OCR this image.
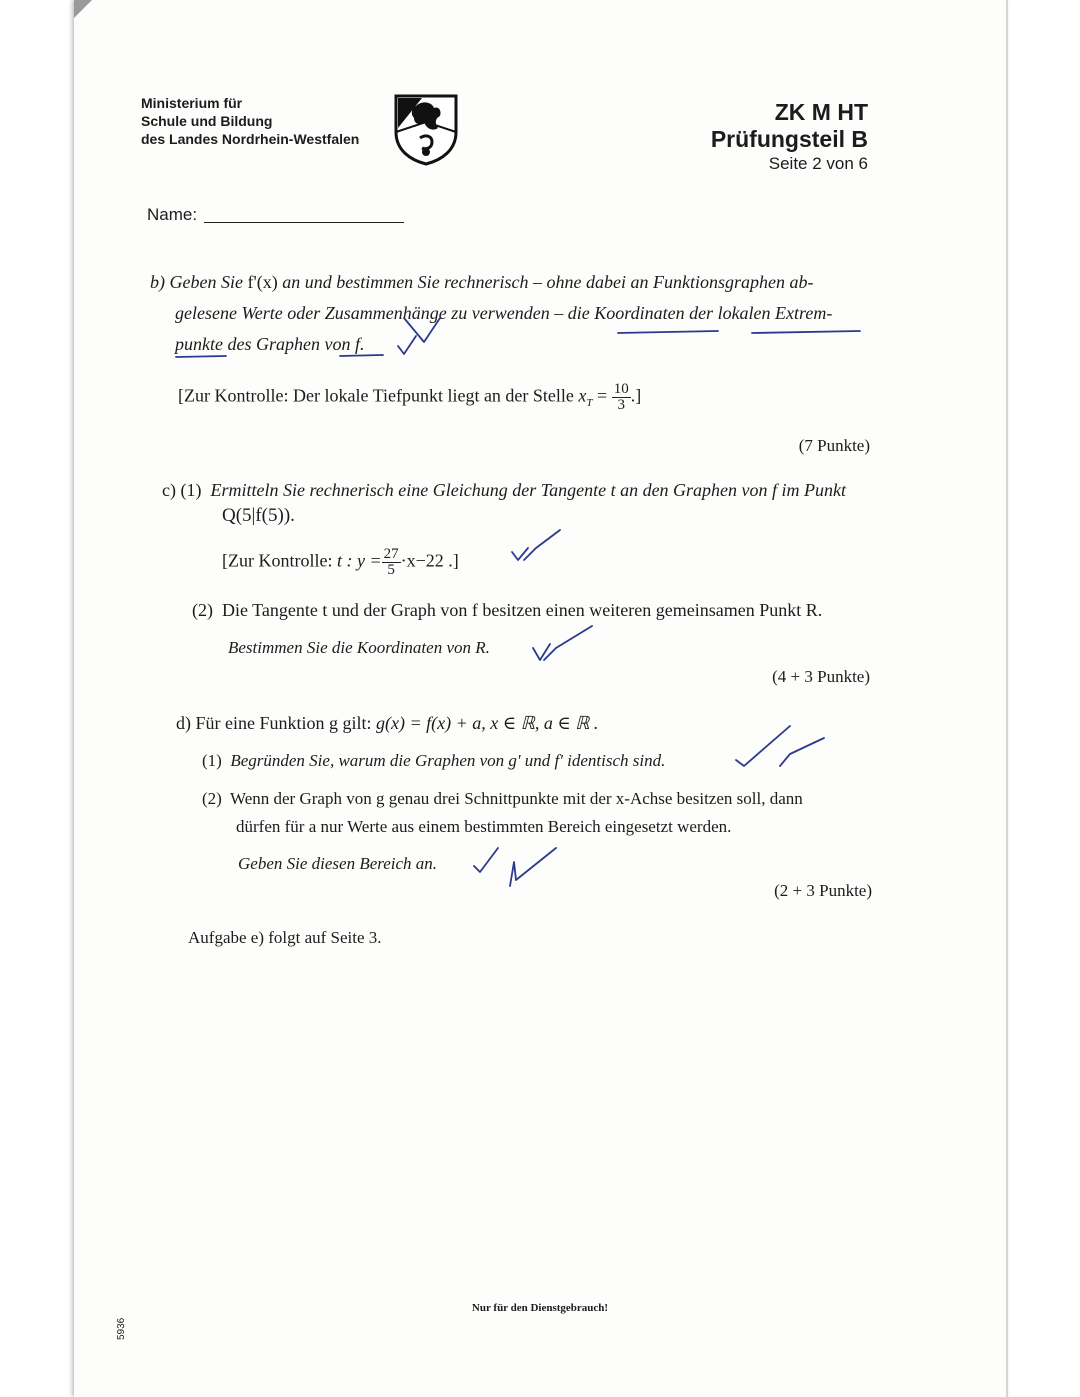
Ministerium für
Schule und Bildung
des Landes Nordrhein-Westfalen
ZK M HT
Prüfungsteil B
Seite 2 von 6
Name:
b) Geben Sie f'(x) an und bestimmen Sie rechnerisch – ohne dabei an Funktionsgraphen ab-
gelesene Werte oder Zusammenhänge zu verwenden – die Koordinaten der lokalen Extrem-
punkte des Graphen von f.
[Zur Kontrolle: Der lokale Tiefpunkt liegt an der Stelle $x_T = \frac{10}{3}$ .]
(7 Punkte)
c) (1) Ermitteln Sie rechnerisch eine Gleichung der Tangente t an den Graphen von f im Punkt
Q(5|f(5)).
[Zur Kontrolle: t : $y = \frac{27}{5} \cdot x-22$ .]
(2) Die Tangente t und der Graph von f besitzen einen weiteren gemeinsamen Punkt R.
Bestimmen Sie die Koordinaten von R.
(4 + 3 Punkte)
d) Für eine Funktion g gilt: g(x) = f(x) + a, x ∈ ℝ, a ∈ ℝ .
(1) Begründen Sie, warum die Graphen von g' und f' identisch sind.
(2) Wenn der Graph von g genau drei Schnittpunkte mit der x-Achse besitzen soll, dann
dürfen für a nur Werte aus einem bestimmten Bereich eingesetzt werden.
Geben Sie diesen Bereich an.
(2 + 3 Punkte)
Aufgabe e) folgt auf Seite 3.
Nur für den Dienstgebrauch!
5936
